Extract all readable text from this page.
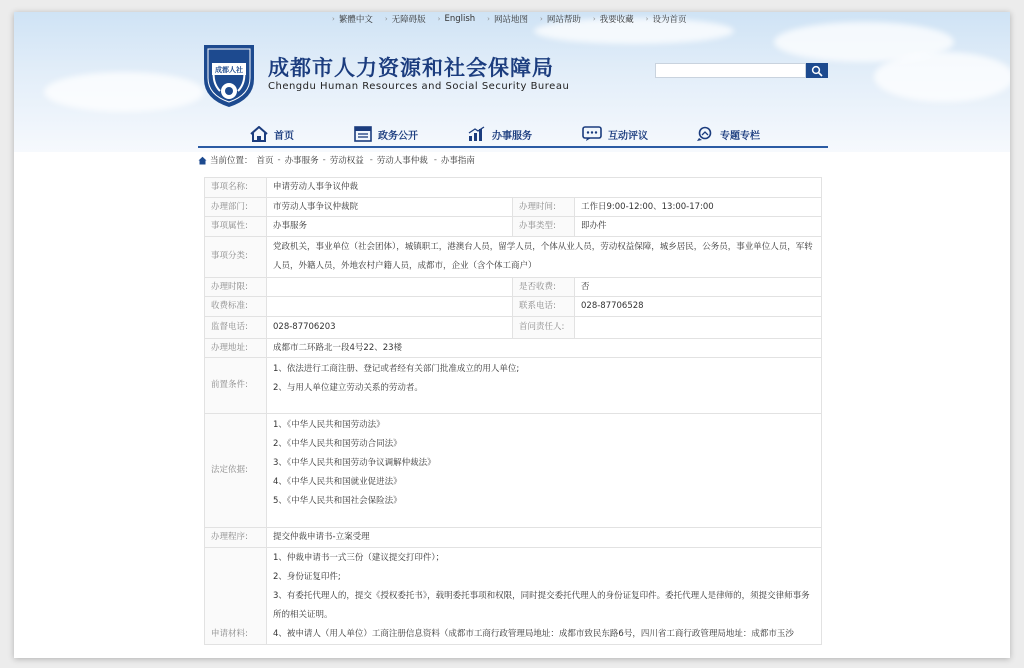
› 繁體中文 › 无障碍版 › English › 网站地图 › 网站帮助 › 我要收藏 › 设为首页
成都人社 成都市人力资源和社会保障局
Chengdu Human Resources and Social Security Bureau
首页	政务公开	办事服务	互动评议	专题专栏
当前位置： 首页 - 办事服务 - 劳动权益 - 劳动人事仲裁 - 办事指南
事项名称:	申请劳动人事争议仲裁		
办理部门:	市劳动人事争议仲裁院	办理时间:	工作日9:00-12:00、13:00-17:00
事项属性:	办事服务	办事类型:	即办件
事项分类:	党政机关，事业单位（社会团体），城镇职工，港澳台人员，留学人员，个体从业人员，劳动权益保障，城乡居民，公务员，事业单位人员，军转人员，外籍人员，外地农村户籍人员，成都市，企业（含个体工商户）		
办理时限:		是否收费:	否
收费标准:		联系电话:	028-87706528
监督电话:	028-87706203	首问责任人:	
办理地址:	成都市二环路北一段4号22、23楼		
前置条件:	1、依法进行工商注册、登记或者经有关部门批准成立的用人单位;

2、与用人单位建立劳动关系的劳动者。		

法定依据:	1、《中华人民共和国劳动法》

2、《中华人民共和国劳动合同法》

3、《中华人民共和国劳动争议调解仲裁法》

4、《中华人民共和国就业促进法》

5、《中华人民共和国社会保险法》		

办理程序:	提交仲裁申请书-立案受理		
申请材料:	1、仲裁申请书一式三份（建议提交打印件）；

2、身份证复印件;

3、有委托代理人的，提交《授权委托书》，载明委托事项和权限，同时提交委托代理人的身份证复印件。委托代理人是律师的，须提交律师事务所的相关证明。

4、被申请人（用人单位）工商注册信息资料（成都市工商行政管理局地址：成都市致民东路6号，四川省工商行政管理局地址：成都市玉沙		
